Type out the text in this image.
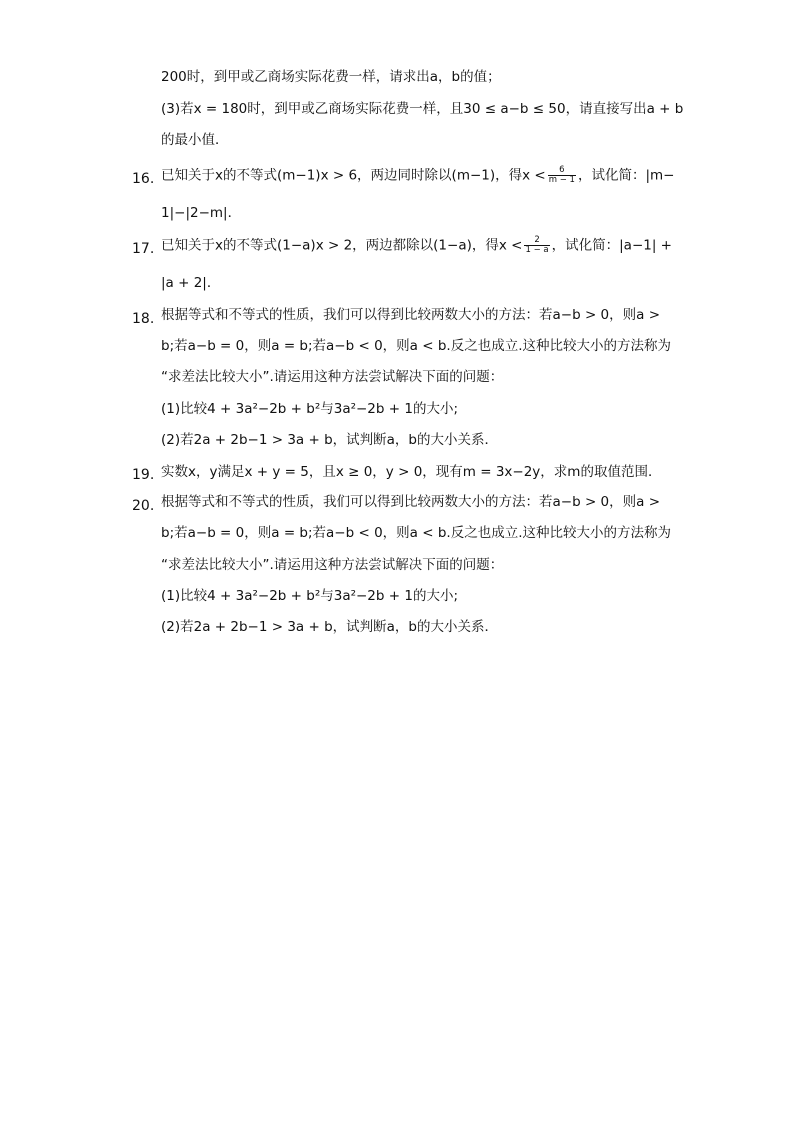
200时，到甲或乙商场实际花费一样，请求出a，b的值；
(3)若x = 180时，到甲或乙商场实际花费一样，且30 ≤ a−b ≤ 50，请直接写出a + b
的最小值．
16. 已知关于x的不等式(m−1)x > 6，两边同时除以(m−1)，得$x < \frac{6}{m - 1}$ ，试化简：|m−
1|−|2−m|．
17. 已知关于x的不等式(1−a)x > 2，两边都除以(1−a)，得$x < \frac{2}{1 - a}$ ，试化简：|a−1| +
|a + 2|．
18. 根据等式和不等式的性质，我们可以得到比较两数大小的方法：若a−b > 0，则a >
b;若a−b = 0，则a = b;若a−b < 0，则a < b.反之也成立.这种比较大小的方法称为
“求差法比较大小”.请运用这种方法尝试解决下面的问题：
(1)比较4 + 3a²−2b + b²与3a²−2b + 1的大小;
(2)若2a + 2b−1 > 3a + b，试判断a，b的大小关系．
19. 实数x，y满足x + y = 5，且x ≥ 0，y > 0，现有m = 3x−2y，求m的取值范围．
20. 根据等式和不等式的性质，我们可以得到比较两数大小的方法：若a−b > 0，则a >
b;若a−b = 0，则a = b;若a−b < 0，则a < b.反之也成立.这种比较大小的方法称为
“求差法比较大小”.请运用这种方法尝试解决下面的问题：
(1)比较4 + 3a²−2b + b²与3a²−2b + 1的大小;
(2)若2a + 2b−1 > 3a + b，试判断a，b的大小关系．
